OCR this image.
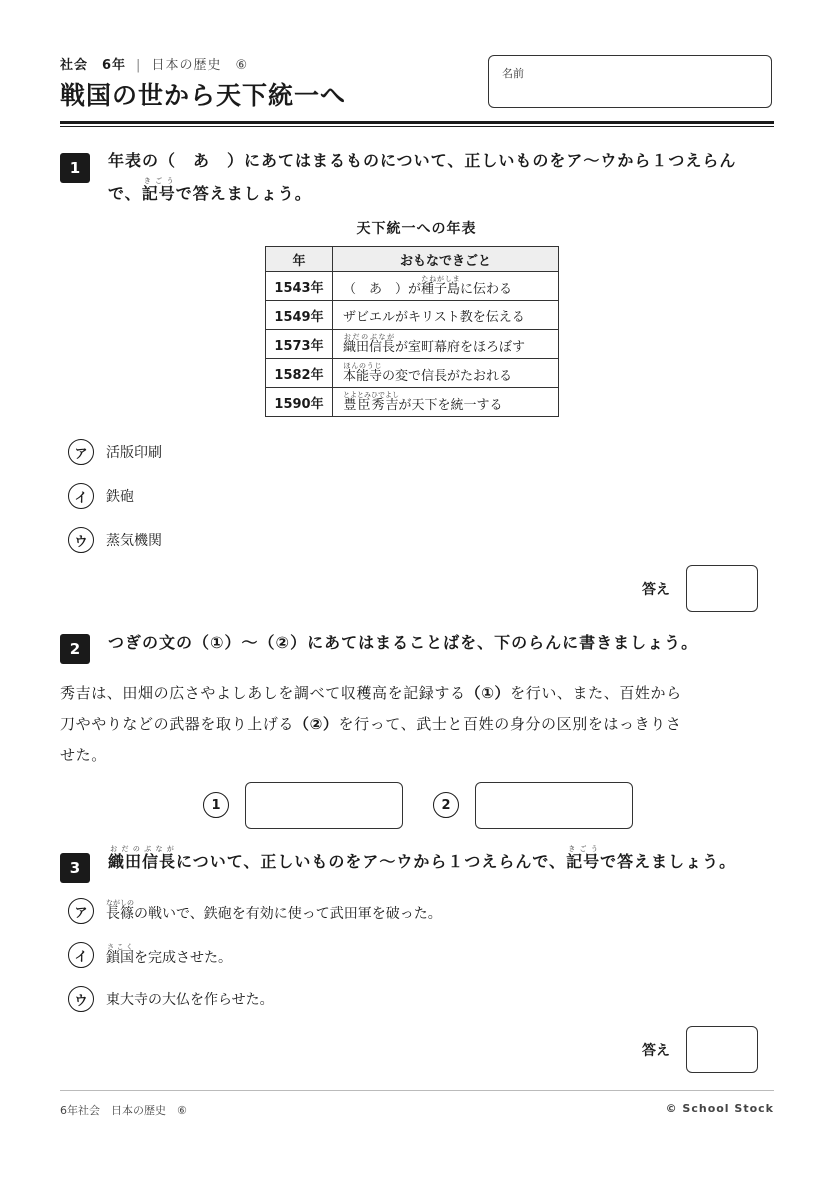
社会　6年 | 日本の歴史　⑥
戦国の世から天下統一へ
名前
1	年表の（　あ　）にあてはまるものについて、正しいものをア〜ウから１つえらん
で、記号きごうで答えましょう。
天下統一への年表
年	おもなできごと
1543年	（　あ　）が種子島たねがしまに伝わる
1549年	ザビエルがキリスト教を伝える
1573年	織田信長おだのぶながが室町幕府をほろぼす
1582年	本能寺ほんのうじの変で信長がたおれる
1590年	豊臣秀吉とよとみひでよしが天下を統一する
ア	活版印刷
イ	鉄砲
ウ	蒸気機関
答え
2	つぎの文の（①）〜（②）にあてはまることばを、下のらんに書きましょう。
秀吉は、田畑の広さやよしあしを調べて収穫高を記録する（①）を行い、また、百姓から
刀ややりなどの武器を取り上げる（②）を行って、武士と百姓の身分の区別をはっきりさ
せた。
1	2
3	織田信長おだのぶながについて、正しいものをア〜ウから１つえらんで、記号きごうで答えましょう。
ア	長篠ながしのの戦いで、鉄砲を有効に使って武田軍を破った。
イ	鎖国さこくを完成させた。
ウ	東大寺の大仏を作らせた。
答え
6年社会　日本の歴史　⑥	© School Stock
